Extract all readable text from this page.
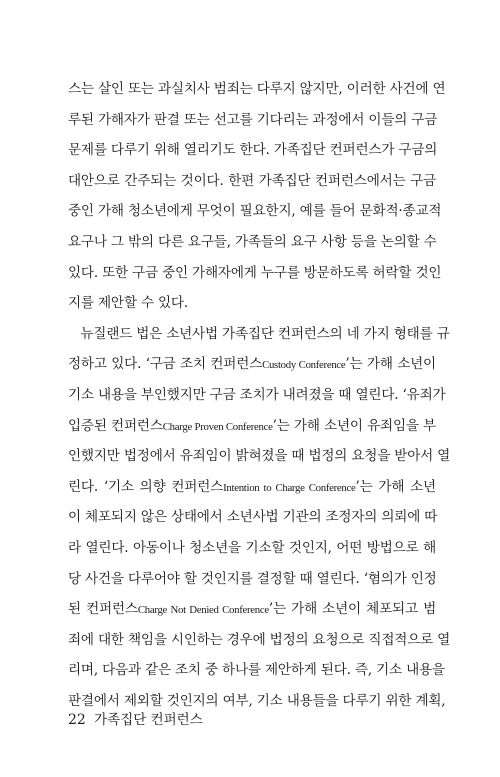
스는 살인 또는 과실치사 범죄는 다루지 않지만, 이러한 사건에 연
루된 가해자가 판결 또는 선고를 기다리는 과정에서 이들의 구금
문제를 다루기 위해 열리기도 한다. 가족집단 컨퍼런스가 구금의
대안으로 간주되는 것이다. 한편 가족집단 컨퍼런스에서는 구금
중인 가해 청소년에게 무엇이 필요한지, 예를 들어 문화적·종교적
요구나 그 밖의 다른 요구들, 가족들의 요구 사항 등을 논의할 수
있다. 또한 구금 중인 가해자에게 누구를 방문하도록 허락할 것인
지를 제안할 수 있다.
뉴질랜드 법은 소년사법 가족집단 컨퍼런스의 네 가지 형태를 규
정하고 있다. ‘구금 조치 컨퍼런스Custody Conference’는 가해 소년이
기소 내용을 부인했지만 구금 조치가 내려졌을 때 열린다. ‘유죄가
입증된 컨퍼런스Charge Proven Conference’는 가해 소년이 유죄임을 부
인했지만 법정에서 유죄임이 밝혀졌을 때 법정의 요청을 받아서 열
린다. ‘기소 의향 컨퍼런스Intention to Charge Conference’는 가해 소년
이 체포되지 않은 상태에서 소년사법 기관의 조정자의 의뢰에 따
라 열린다. 아동이나 청소년을 기소할 것인지, 어떤 방법으로 해
당 사건을 다루어야 할 것인지를 결정할 때 열린다. ‘혐의가 인정
된 컨퍼런스Charge Not Denied Conference’는 가해 소년이 체포되고 범
죄에 대한 책임을 시인하는 경우에 법정의 요청으로 직접적으로 열
리며, 다음과 같은 조치 중 하나를 제안하게 된다. 즉, 기소 내용을
판결에서 제외할 것인지의 여부, 기소 내용들을 다루기 위한 계획,
22 가족집단 컨퍼런스
